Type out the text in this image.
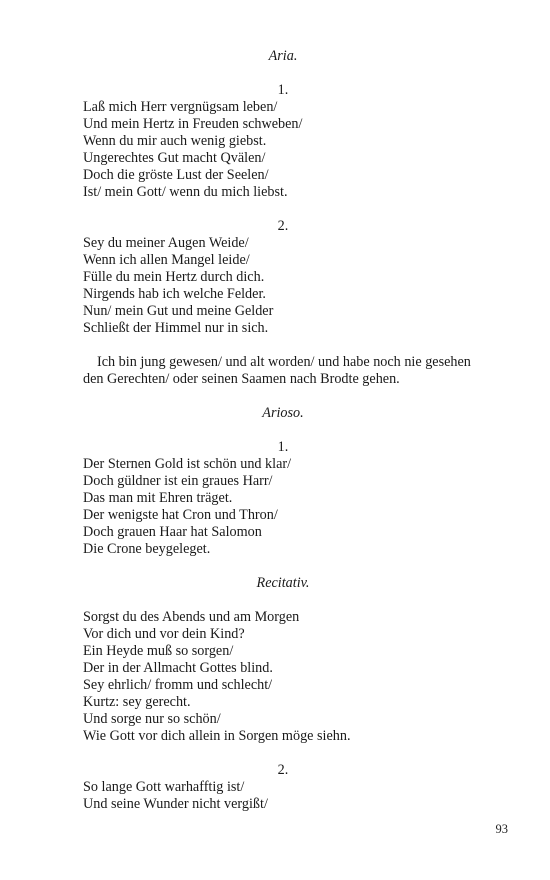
Aria.

1.

Laß mich Herr vergnügsam leben/

Und mein Hertz in Freuden schweben/

Wenn du mir auch wenig giebst.

Ungerechtes Gut macht Qvälen/

Doch die gröste Lust der Seelen/

Ist/ mein Gott/ wenn du mich liebst.

2.

Sey du meiner Augen Weide/

Wenn ich allen Mangel leide/

Fülle du mein Hertz durch dich.

Nirgends hab ich welche Felder.

Nun/ mein Gut und meine Gelder

Schließt der Himmel nur in sich.

Ich bin jung gewesen/ und alt worden/ und habe noch nie gesehen

den Gerechten/ oder seinen Saamen nach Brodte gehen.

Arioso.

1.

Der Sternen Gold ist schön und klar/

Doch güldner ist ein graues Harr/

Das man mit Ehren träget.

Der wenigste hat Cron und Thron/

Doch grauen Haar hat Salomon

Die Crone beygeleget.

Recitativ.

Sorgst du des Abends und am Morgen

Vor dich und vor dein Kind?

Ein Heyde muß so sorgen/

Der in der Allmacht Gottes blind.

Sey ehrlich/ fromm und schlecht/

Kurtz: sey gerecht.

Und sorge nur so schön/

Wie Gott vor dich allein in Sorgen möge siehn.

2.

So lange Gott warhafftig ist/

Und seine Wunder nicht vergißt/

93
